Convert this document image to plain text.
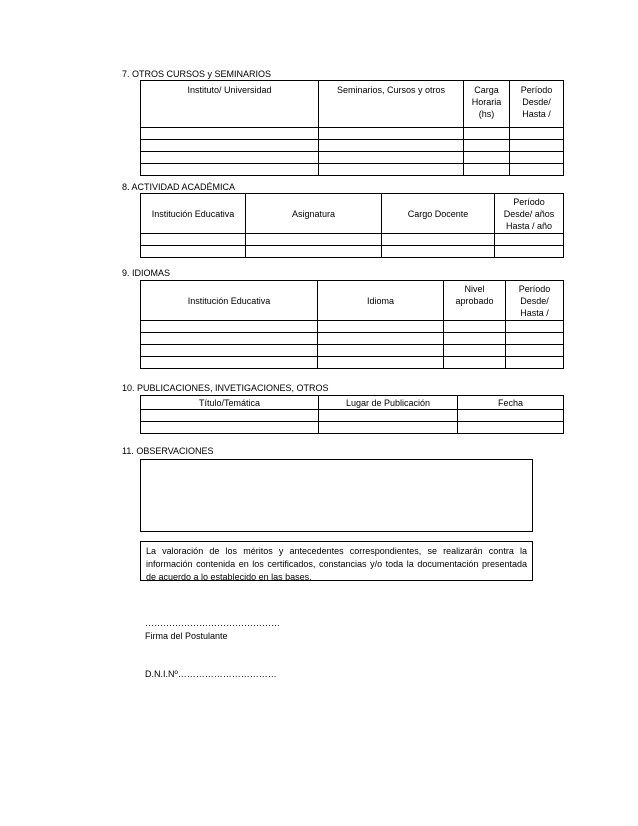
7. OTROS CURSOS y SEMINARIOS
Instituto/ Universidad	Seminarios, Cursos y otros	Carga
Horaria
(hs)	Período
Desde/
Hasta /

8. ACTIVIDAD ACADÉMICA
Institución Educativa	Asignatura	Cargo Docente	Período
Desde/ años
Hasta / año

9. IDIOMAS
Institución Educativa	Idioma	Nivel
aprobado	Período
Desde/
Hasta /

10. PUBLICACIONES, INVETIGACIONES, OTROS
Título/Temática	Lugar de Publicación	Fecha

11. OBSERVACIONES
La valoración de los méritos y antecedentes correspondientes, se realizarán contra la información contenida en los certificados, constancias y/o toda la documentación presentada de acuerdo a lo establecido en las bases.
………………………………………
Firma del Postulante
D.N.I.Nº……………………………
